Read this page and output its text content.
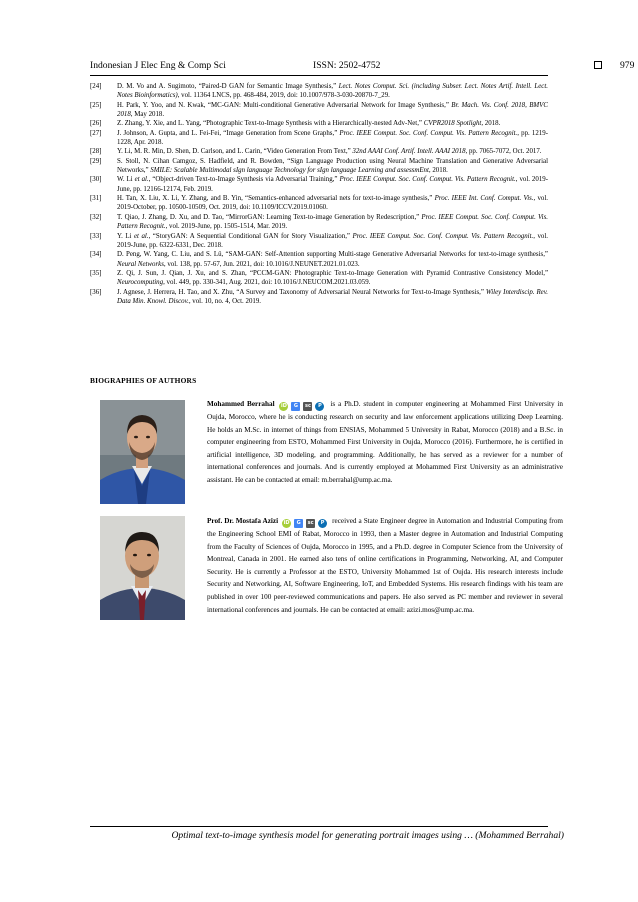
Indonesian J Elec Eng & Comp Sci	ISSN: 2502-4752	979
[24] D. M. Vo and A. Sugimoto, “Paired-D GAN for Semantic Image Synthesis,” Lect. Notes Comput. Sci. (including Subser. Lect. Notes Artif. Intell. Lect. Notes Bioinformatics), vol. 11364 LNCS, pp. 468-484, 2019, doi: 10.1007/978-3-030-20870-7_29.
[25] H. Park, Y. Yoo, and N. Kwak, “MC-GAN: Multi-conditional Generative Adversarial Network for Image Synthesis,” Br. Mach. Vis. Conf. 2018, BMVC 2018, May 2018.
[26] Z. Zhang, Y. Xie, and L. Yang, “Photographic Text-to-Image Synthesis with a Hierarchically-nested Adv-Net,” CVPR2018 Spotlight, 2018.
[27] J. Johnson, A. Gupta, and L. Fei-Fei, “Image Generation from Scene Graphs,” Proc. IEEE Comput. Soc. Conf. Comput. Vis. Pattern Recognit., pp. 1219-1228, Apr. 2018.
[28] Y. Li, M. R. Min, D. Shen, D. Carlson, and L. Carin, “Video Generation From Text,” 32nd AAAI Conf. Artif. Intell. AAAI 2018, pp. 7065-7072, Oct. 2017.
[29] S. Stoll, N. Cihan Camgoz, S. Hadfield, and R. Bowden, “Sign Language Production using Neural Machine Translation and Generative Adversarial Networks,” SMILE: Scalable Multimodal sIgn language Technology for sIgn language Learning and assessmEnt, 2018.
[30] W. Li et al., “Object-driven Text-to-Image Synthesis via Adversarial Training,” Proc. IEEE Comput. Soc. Conf. Comput. Vis. Pattern Recognit., vol. 2019-June, pp. 12166-12174, Feb. 2019.
[31] H. Tan, X. Liu, X. Li, Y. Zhang, and B. Yin, “Semantics-enhanced adversarial nets for text-to-image synthesis,” Proc. IEEE Int. Conf. Comput. Vis., vol. 2019-October, pp. 10500-10509, Oct. 2019, doi: 10.1109/ICCV.2019.01060.
[32] T. Qiao, J. Zhang, D. Xu, and D. Tao, “MirrorGAN: Learning Text-to-image Generation by Redescription,” Proc. IEEE Comput. Soc. Conf. Comput. Vis. Pattern Recognit., vol. 2019-June, pp. 1505-1514, Mar. 2019.
[33] Y. Li et al., “StoryGAN: A Sequential Conditional GAN for Story Visualization,” Proc. IEEE Comput. Soc. Conf. Comput. Vis. Pattern Recognit., vol. 2019-June, pp. 6322-6331, Dec. 2018.
[34] D. Peng, W. Yang, C. Liu, and S. Lü, “SAM-GAN: Self-Attention supporting Multi-stage Generative Adversarial Networks for text-to-image synthesis,” Neural Networks, vol. 138, pp. 57-67, Jun. 2021, doi: 10.1016/J.NEUNET.2021.01.023.
[35] Z. Qi, J. Sun, J. Qian, J. Xu, and S. Zhan, “PCCM-GAN: Photographic Text-to-Image Generation with Pyramid Contrastive Consistency Model,” Neurocomputing, vol. 449, pp. 330-341, Aug. 2021, doi: 10.1016/J.NEUCOM.2021.03.059.
[36] J. Agnese, J. Herrera, H. Tao, and X. Zhu, “A Survey and Taxonomy of Adversarial Neural Networks for Text-to-Image Synthesis,” Wiley Interdiscip. Rev. Data Min. Knowl. Discov., vol. 10, no. 4, Oct. 2019.
BIOGRAPHIES OF AUTHORS
Mohammed Berrahal	iD	G	sc	P	is a Ph.D. student in computer engineering at Mohammed First University in Oujda, Morocco, where he is conducting research on security and law enforcement applications utilizing Deep Learning. He holds an M.Sc. in internet of things from ENSIAS, Mohammed 5 University in Rabat, Morocco (2018) and a B.Sc. in computer engineering from ESTO, Mohammed First University in Oujda, Morocco (2016). Furthermore, he is certified in artificial intelligence, 3D modeling, and programming. Additionally, he has served as a reviewer for a number of international conferences and journals. And is currently employed at Mohammed First University as an administrative assistant. He can be contacted at email: m.berrahal@ump.ac.ma.
Prof. Dr. Mostafa Azizi	iD	G	sc	P	received a State Engineer degree in Automation and Industrial Computing from the Engineering School EMI of Rabat, Morocco in 1993, then a Master degree in Automation and Industrial Computing from the Faculty of Sciences of Oujda, Morocco in 1995, and a Ph.D. degree in Computer Science from the University of Montreal, Canada in 2001. He earned also tens of online certifications in Programming, Networking, AI, and Computer Security. He is currently a Professor at the ESTO, University Mohammed 1st of Oujda. His research interests include Security and Networking, AI, Software Engineering, IoT, and Embedded Systems. His research findings with his team are published in over 100 peer-reviewed communications and papers. He also served as PC member and reviewer in several international conferences and journals. He can be contacted at email: azizi.mos@ump.ac.ma.
Optimal text-to-image synthesis model for generating portrait images using … (Mohammed Berrahal)
